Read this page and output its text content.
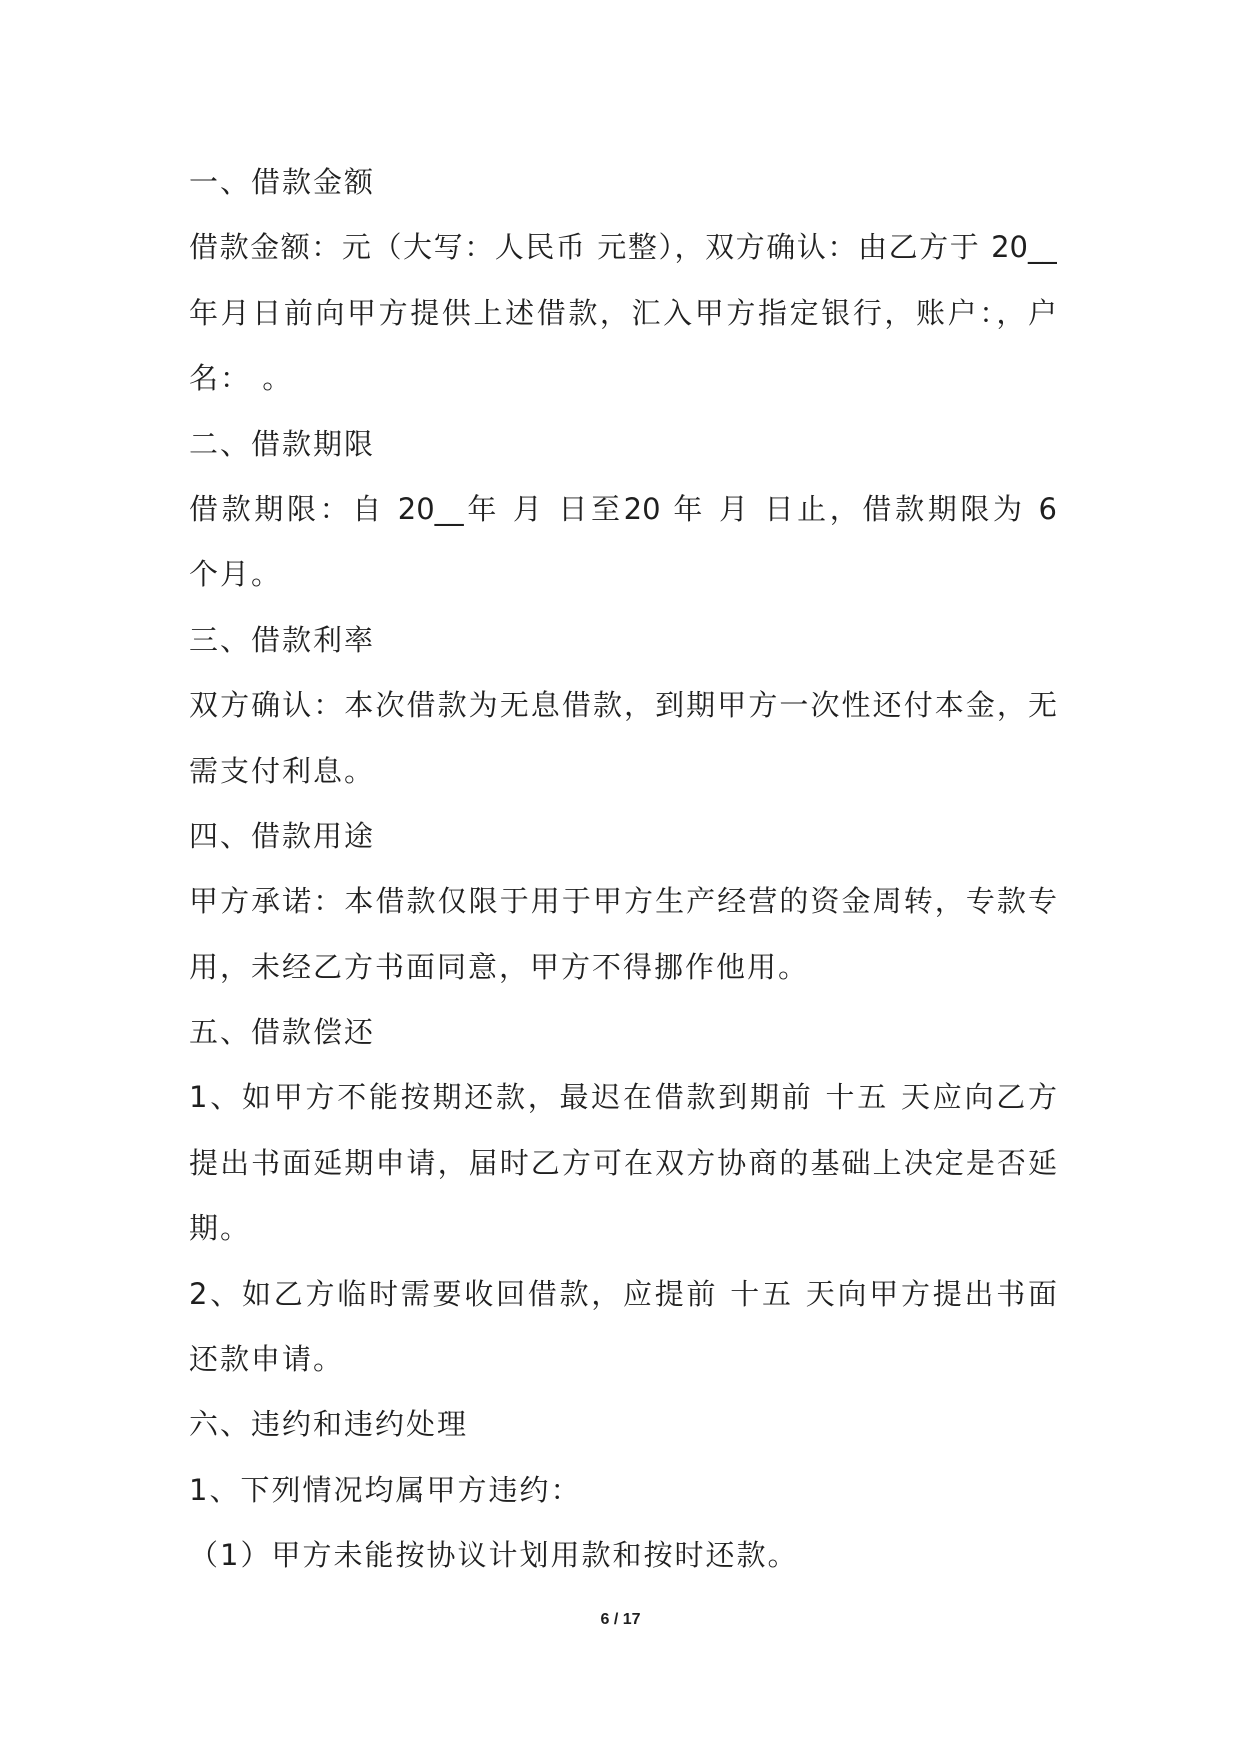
一、借款金额
借款金额：元（大写：人民币 元整），双方确认：由乙方于 20__
年月日前向甲方提供上述借款，汇入甲方指定银行，账户：，户
名： 。
二、借款期限
借款期限：自 20__年 月 日至20 年 月 日止，借款期限为 6
个月。
三、借款利率
双方确认：本次借款为无息借款，到期甲方一次性还付本金，无
需支付利息。
四、借款用途
甲方承诺：本借款仅限于用于甲方生产经营的资金周转，专款专
用，未经乙方书面同意，甲方不得挪作他用。
五、借款偿还
1、如甲方不能按期还款，最迟在借款到期前 十五 天应向乙方
提出书面延期申请，届时乙方可在双方协商的基础上决定是否延
期。
2、如乙方临时需要收回借款，应提前 十五 天向甲方提出书面
还款申请。
六、违约和违约处理
1、下列情况均属甲方违约：
（1）甲方未能按协议计划用款和按时还款。
6 / 17
